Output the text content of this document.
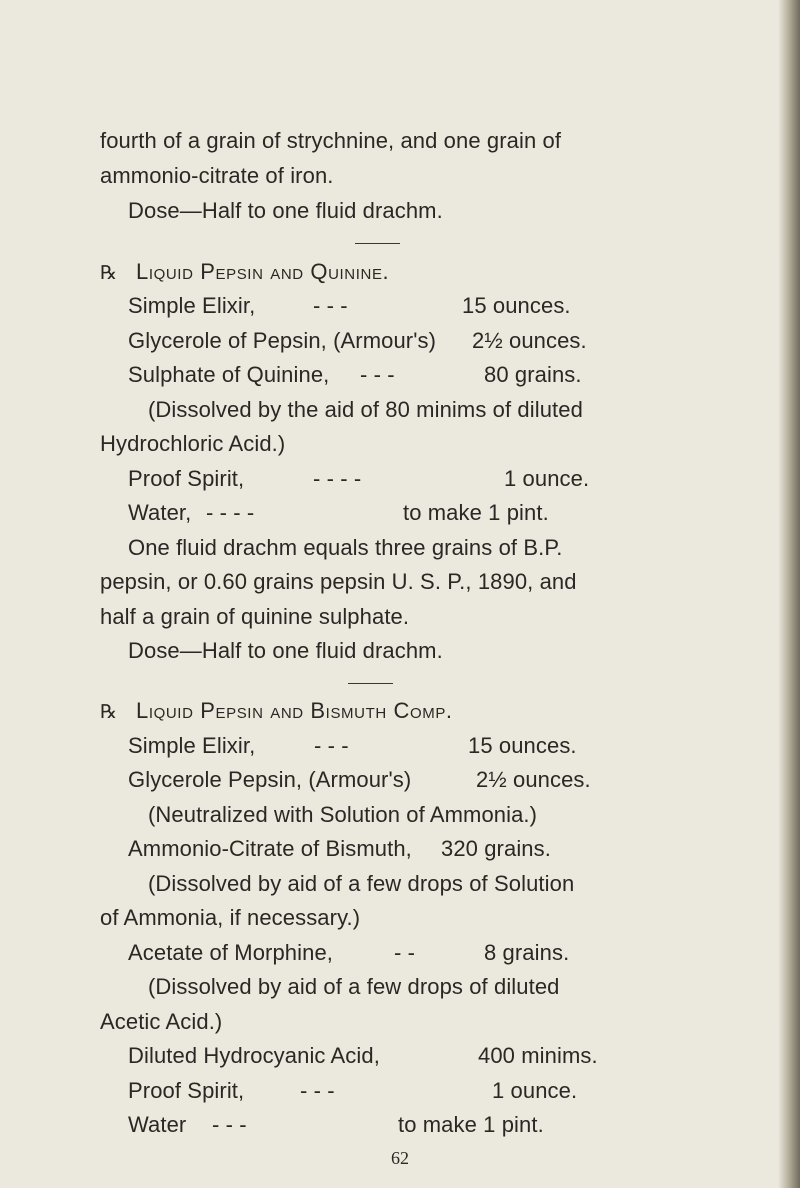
fourth of a grain of strychnine, and one grain of
ammonio-citrate of iron.
Dose—Half to one fluid drachm.
℞ Liquid Pepsin and Quinine.
Simple Elixir,	- - -	15 ounces.
Glycerole of Pepsin, (Armour's) 2½ ounces.
Sulphate of Quinine, - - -	80 grains.
(Dissolved by the aid of 80 minims of diluted
Hydrochloric Acid.)
Proof Spirit,	- - - -	1 ounce.
Water, - - - -	to make 1 pint.
One fluid drachm equals three grains of B.P.
pepsin, or 0.60 grains pepsin U. S. P., 1890, and
half a grain of quinine sulphate.
Dose—Half to one fluid drachm.
℞ Liquid Pepsin and Bismuth Comp.
Simple Elixir,	- - -	15 ounces.
Glycerole Pepsin, (Armour's)	2½ ounces.
(Neutralized with Solution of Ammonia.)
Ammonio-Citrate of Bismuth, 320 grains.
(Dissolved by aid of a few drops of Solution
of Ammonia, if necessary.)
Acetate of Morphine,	- -	8 grains.
(Dissolved by aid of a few drops of diluted
Acetic Acid.)
Diluted Hydrocyanic Acid,	400 minims.
Proof Spirit,	- - -	1 ounce.
Water - - -	to make 1 pint.
62
